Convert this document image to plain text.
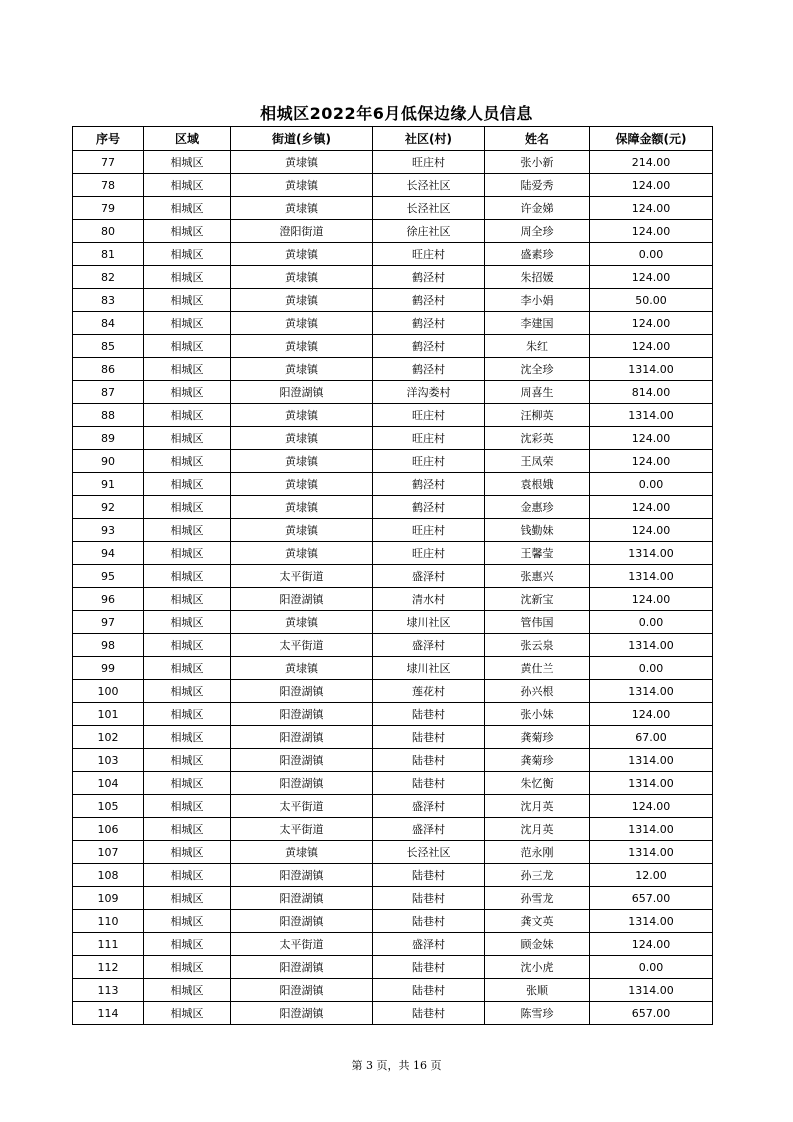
相城区2022年6月低保边缘人员信息
序号	区域	街道(乡镇)	社区(村)	姓名	保障金额(元)
77	相城区	黄埭镇	旺庄村	张小新	214.00
78	相城区	黄埭镇	长泾社区	陆爱秀	124.00
79	相城区	黄埭镇	长泾社区	许金娣	124.00
80	相城区	澄阳街道	徐庄社区	周全珍	124.00
81	相城区	黄埭镇	旺庄村	盛素珍	0.00
82	相城区	黄埭镇	鹤泾村	朱招媛	124.00
83	相城区	黄埭镇	鹤泾村	李小娟	50.00
84	相城区	黄埭镇	鹤泾村	李建国	124.00
85	相城区	黄埭镇	鹤泾村	朱红	124.00
86	相城区	黄埭镇	鹤泾村	沈全珍	1314.00
87	相城区	阳澄湖镇	洋沟娄村	周喜生	814.00
88	相城区	黄埭镇	旺庄村	汪柳英	1314.00
89	相城区	黄埭镇	旺庄村	沈彩英	124.00
90	相城区	黄埭镇	旺庄村	王凤荣	124.00
91	相城区	黄埭镇	鹤泾村	袁根娥	0.00
92	相城区	黄埭镇	鹤泾村	金惠珍	124.00
93	相城区	黄埭镇	旺庄村	钱勤妹	124.00
94	相城区	黄埭镇	旺庄村	王馨莹	1314.00
95	相城区	太平街道	盛泽村	张惠兴	1314.00
96	相城区	阳澄湖镇	清水村	沈新宝	124.00
97	相城区	黄埭镇	埭川社区	管伟国	0.00
98	相城区	太平街道	盛泽村	张云泉	1314.00
99	相城区	黄埭镇	埭川社区	黄仕兰	0.00
100	相城区	阳澄湖镇	莲花村	孙兴根	1314.00
101	相城区	阳澄湖镇	陆巷村	张小妹	124.00
102	相城区	阳澄湖镇	陆巷村	龚菊珍	67.00
103	相城区	阳澄湖镇	陆巷村	龚菊珍	1314.00
104	相城区	阳澄湖镇	陆巷村	朱忆衡	1314.00
105	相城区	太平街道	盛泽村	沈月英	124.00
106	相城区	太平街道	盛泽村	沈月英	1314.00
107	相城区	黄埭镇	长泾社区	范永刚	1314.00
108	相城区	阳澄湖镇	陆巷村	孙三龙	12.00
109	相城区	阳澄湖镇	陆巷村	孙雪龙	657.00
110	相城区	阳澄湖镇	陆巷村	龚文英	1314.00
111	相城区	太平街道	盛泽村	顾金妹	124.00
112	相城区	阳澄湖镇	陆巷村	沈小虎	0.00
113	相城区	阳澄湖镇	陆巷村	张顺	1314.00
114	相城区	阳澄湖镇	陆巷村	陈雪珍	657.00
第 3 页，共 16 页
